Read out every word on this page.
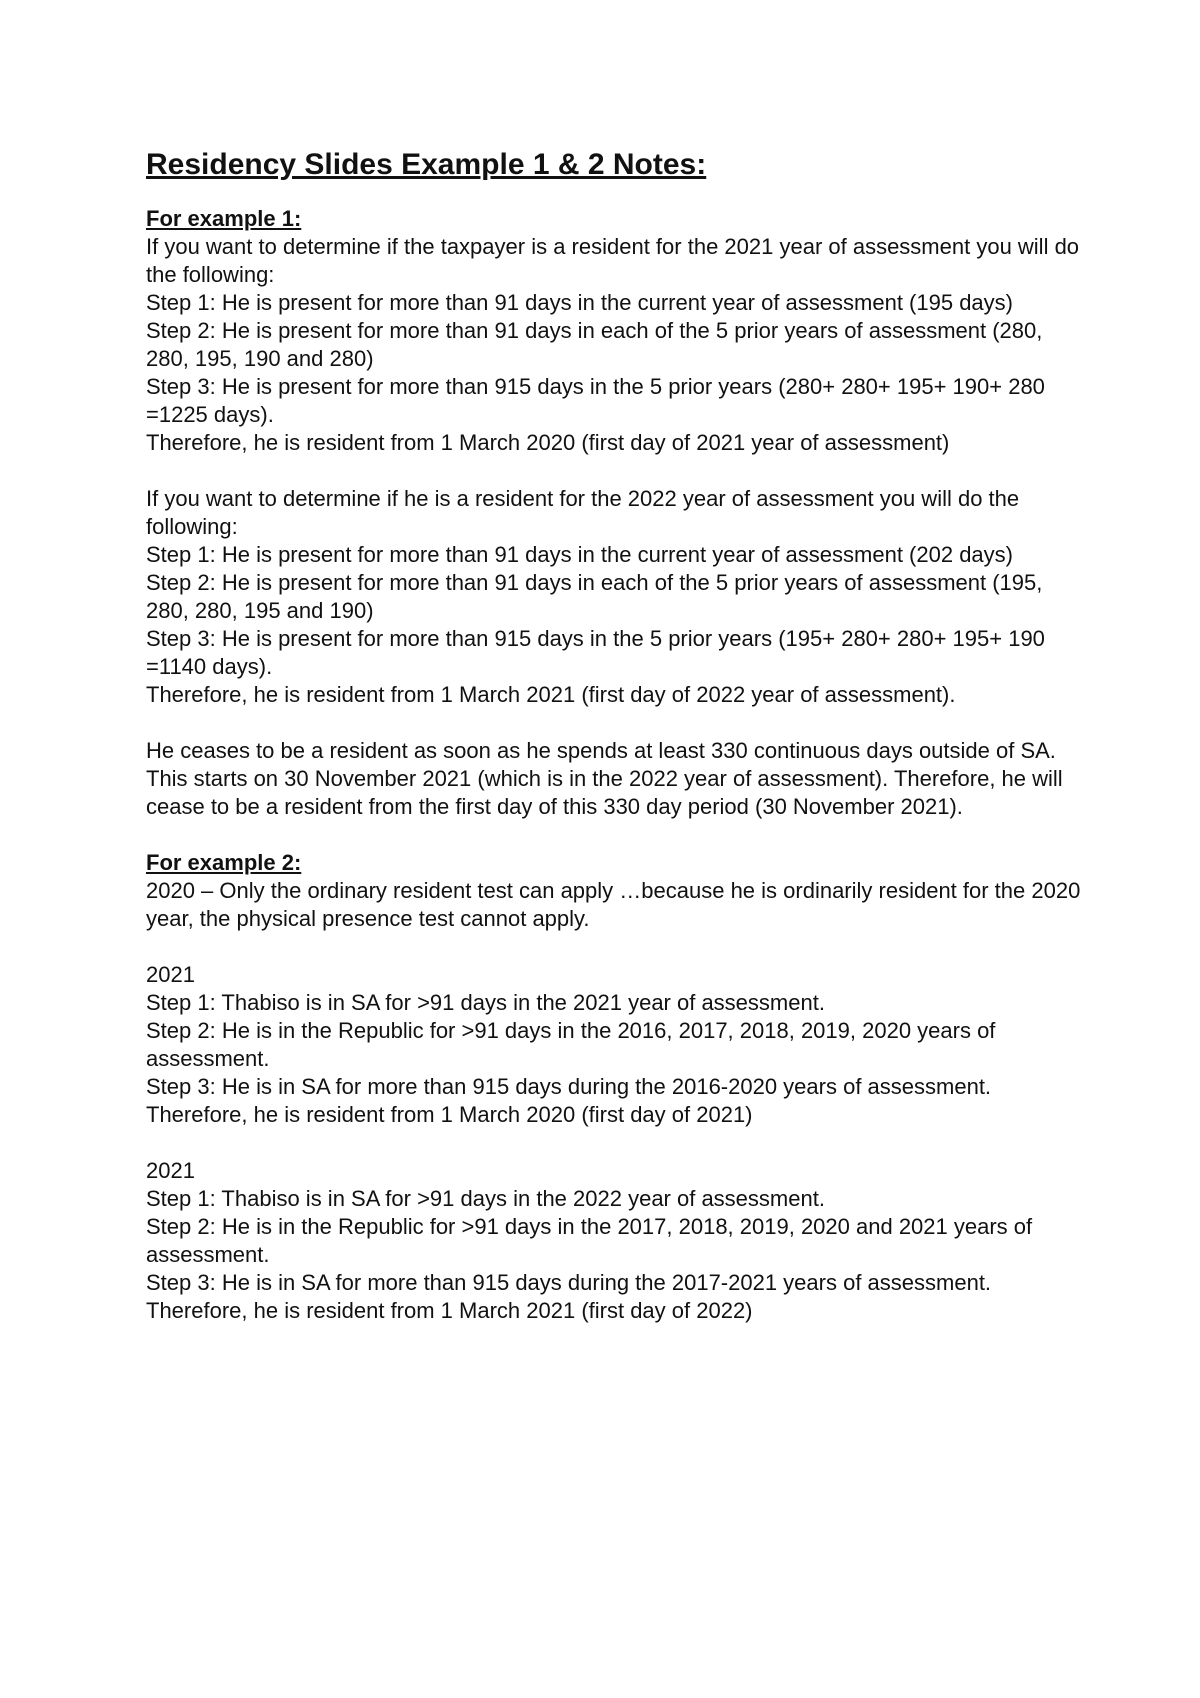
Residency Slides Example 1 & 2 Notes:
For example 1:
If you want to determine if the taxpayer is a resident for the 2021 year of assessment you will do the following:
Step 1: He is present for more than 91 days in the current year of assessment (195 days)
Step 2: He is present for more than 91 days in each of the 5 prior years of assessment (280, 280, 195, 190 and 280)
Step 3: He is present for more than 915 days in the 5 prior years (280+ 280+ 195+ 190+ 280 =1225 days).
Therefore, he is resident from 1 March 2020 (first day of 2021 year of assessment)
If you want to determine if he is a resident for the 2022 year of assessment you will do the following:
Step 1: He is present for more than 91 days in the current year of assessment (202 days)
Step 2: He is present for more than 91 days in each of the 5 prior years of assessment (195, 280, 280, 195 and 190)
Step 3: He is present for more than 915 days in the 5 prior years (195+ 280+ 280+ 195+ 190 =1140 days).
Therefore, he is resident from 1 March 2021 (first day of 2022 year of assessment).
He ceases to be a resident as soon as he spends at least 330 continuous days outside of SA. This starts on 30 November 2021 (which is in the 2022 year of assessment). Therefore, he will cease to be a resident from the first day of this 330 day period (30 November 2021).
For example 2:
2020 – Only the ordinary resident test can apply …because he is ordinarily resident for the 2020 year, the physical presence test cannot apply.
2021
Step 1: Thabiso is in SA for >91 days in the 2021 year of assessment.
Step 2: He is in the Republic for >91 days in the 2016, 2017, 2018, 2019, 2020 years of assessment.
Step 3: He is in SA for more than 915 days during the 2016-2020 years of assessment.
Therefore, he is resident from 1 March 2020 (first day of 2021)
2021
Step 1: Thabiso is in SA for >91 days in the 2022 year of assessment.
Step 2: He is in the Republic for >91 days in the 2017, 2018, 2019, 2020 and 2021 years of assessment.
Step 3: He is in SA for more than 915 days during the 2017-2021 years of assessment.
Therefore, he is resident from 1 March 2021 (first day of 2022)
